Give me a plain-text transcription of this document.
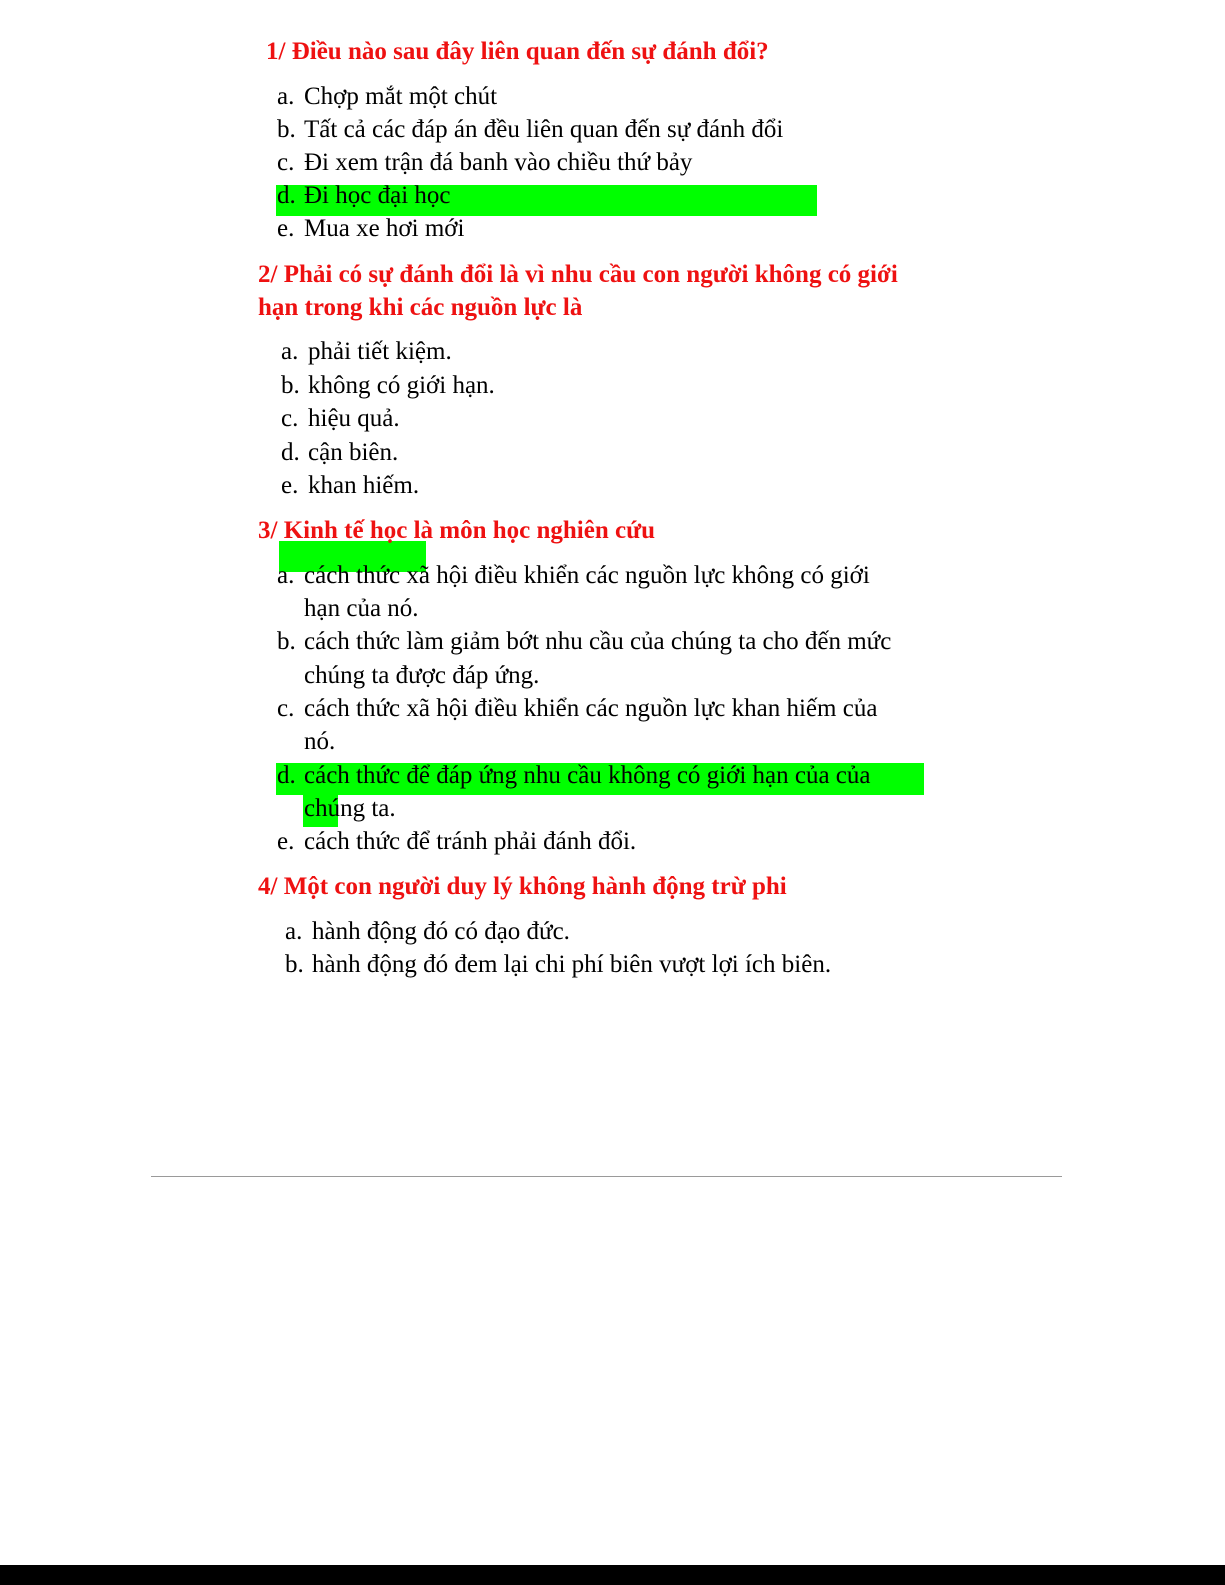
1/ Điều nào sau đây liên quan đến sự đánh đổi?

a. Chợp mắt một chút

b. Tất cả các đáp án đều liên quan đến sự đánh đổi

c. Đi xem trận đá banh vào chiều thứ bảy

d. Đi học đại học

e. Mua xe hơi mới

2/ Phải có sự đánh đổi là vì nhu cầu con người không có giới

hạn trong khi các nguồn lực là

a. phải tiết kiệm.

b. không có giới hạn.

c. hiệu quả.

d. cận biên.

e. khan hiếm.

3/ Kinh tế học là môn học nghiên cứu

a. cách thức xã hội điều khiển các nguồn lực không có giới

hạn của nó.

b. cách thức làm giảm bớt nhu cầu của chúng ta cho đến mức

chúng ta được đáp ứng.

c. cách thức xã hội điều khiển các nguồn lực khan hiếm của

nó.

d. cách thức để đáp ứng nhu cầu không có giới hạn của của

chúng ta.

e. cách thức để tránh phải đánh đổi.

4/ Một con người duy lý không hành động trừ phi

a. hành động đó có đạo đức.

b. hành động đó đem lại chi phí biên vượt lợi ích biên.
